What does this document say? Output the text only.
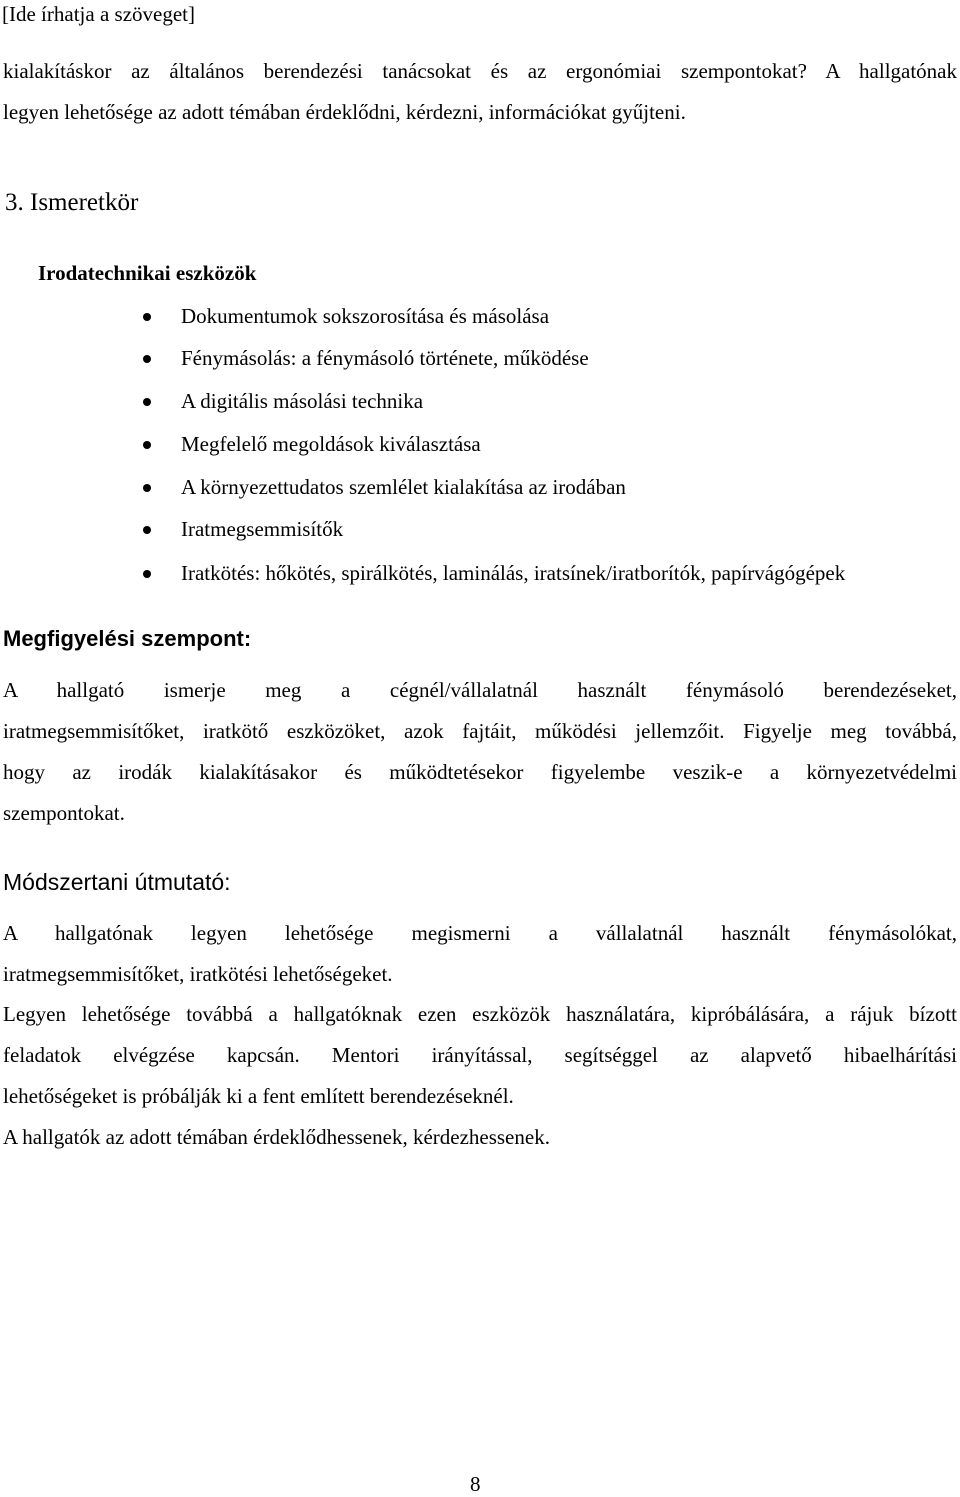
[Ide írhatja a szöveget]
kialakításkor az általános berendezési tanácsokat és az ergonómiai szempontokat? A hallgatónak
legyen lehetősége az adott témában érdeklődni, kérdezni, információkat gyűjteni.
3. Ismeretkör
Irodatechnikai eszközök
Dokumentumok sokszorosítása és másolása
Fénymásolás: a fénymásoló története, működése
A digitális másolási technika
Megfelelő megoldások kiválasztása
A környezettudatos szemlélet kialakítása az irodában
Iratmegsemmisítők
Iratkötés: hőkötés, spirálkötés, laminálás, iratsínek/iratborítók, papírvágógépek
Megfigyelési szempont:
A hallgató ismerje meg a cégnél/vállalatnál használt fénymásoló berendezéseket,
iratmegsemmisítőket, iratkötő eszközöket, azok fajtáit, működési jellemzőit. Figyelje meg továbbá,
hogy az irodák kialakításakor és működtetésekor figyelembe veszik-e a környezetvédelmi
szempontokat.
Módszertani útmutató:
A hallgatónak legyen lehetősége megismerni a vállalatnál használt fénymásolókat,
iratmegsemmisítőket, iratkötési lehetőségeket.
Legyen lehetősége továbbá a hallgatóknak ezen eszközök használatára, kipróbálására, a rájuk bízott
feladatok elvégzése kapcsán. Mentori irányítással, segítséggel az alapvető hibaelhárítási
lehetőségeket is próbálják ki a fent említett berendezéseknél.
A hallgatók az adott témában érdeklődhessenek, kérdezhessenek.
8
